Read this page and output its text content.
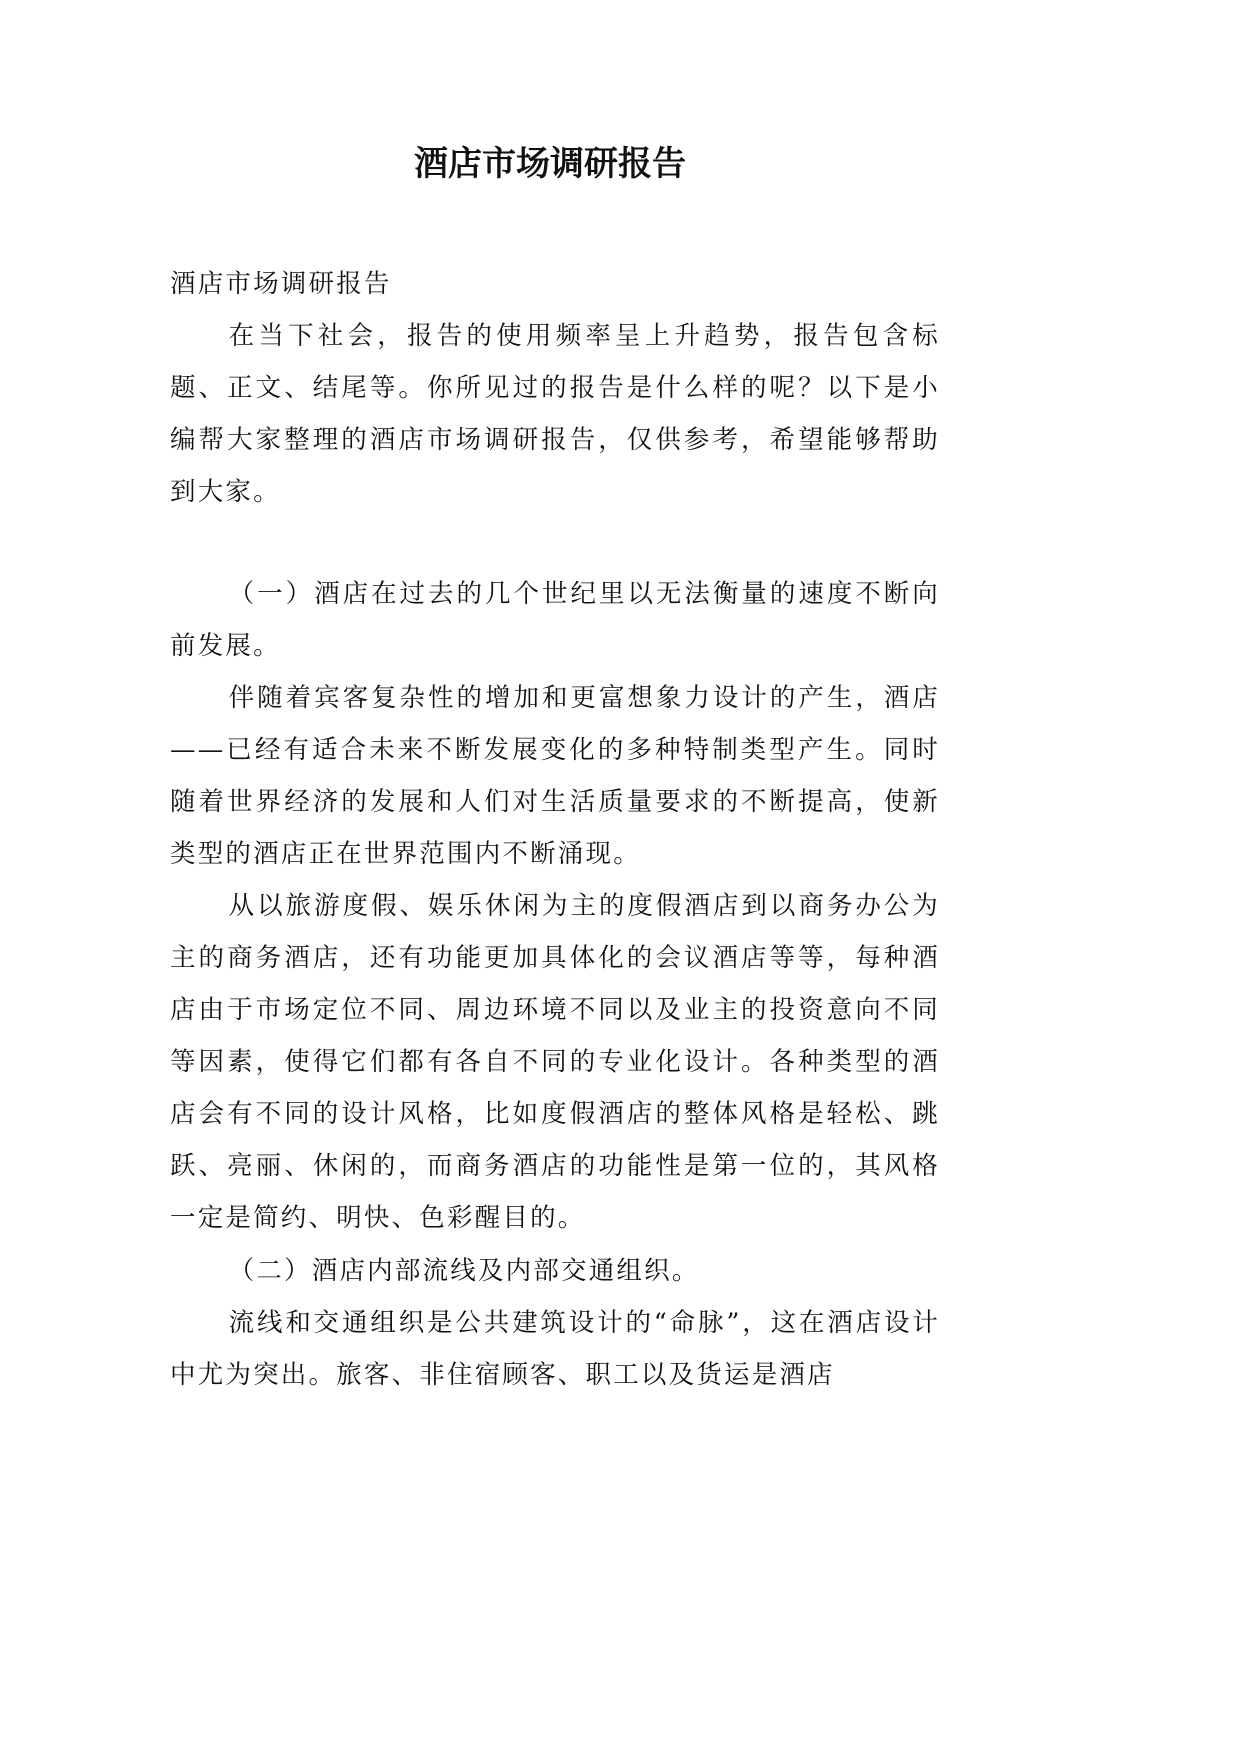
酒店市场调研报告

酒店市场调研报告

在当下社会，报告的使用频率呈上升趋势，报告包含标题、正文、结尾等。你所见过的报告是什么样的呢？以下是小编帮大家整理的酒店市场调研报告，仅供参考，希望能够帮助到大家。

（一）酒店在过去的几个世纪里以无法衡量的速度不断向前发展。

伴随着宾客复杂性的增加和更富想象力设计的产生，酒店——已经有适合未来不断发展变化的多种特制类型产生。同时随着世界经济的发展和人们对生活质量要求的不断提高，使新类型的酒店正在世界范围内不断涌现。

从以旅游度假、娱乐休闲为主的度假酒店到以商务办公为主的商务酒店，还有功能更加具体化的会议酒店等等，每种酒店由于市场定位不同、周边环境不同以及业主的投资意向不同等因素，使得它们都有各自不同的专业化设计。各种类型的酒店会有不同的设计风格，比如度假酒店的整体风格是轻松、跳跃、亮丽、休闲的，而商务酒店的功能性是第一位的，其风格一定是简约、明快、色彩醒目的。

（二）酒店内部流线及内部交通组织。

流线和交通组织是公共建筑设计的“命脉”，这在酒店设计中尤为突出。旅客、非住宿顾客、职工以及货运是酒店
